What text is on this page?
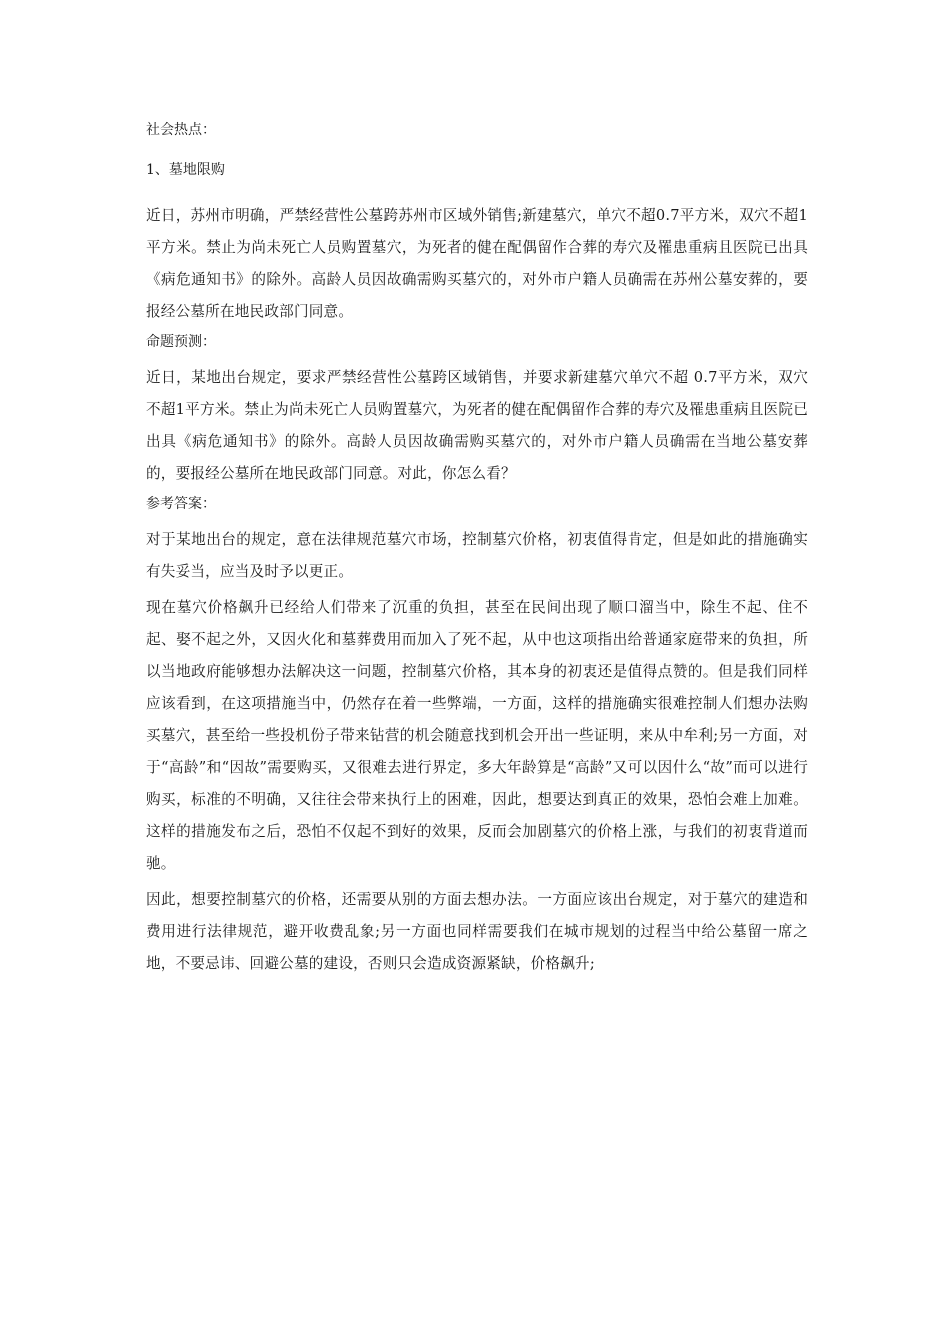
社会热点：
1、墓地限购
近日，苏州市明确，严禁经营性公墓跨苏州市区域外销售;新建墓穴，单穴不超0.7平方米，双穴不超1平方米。禁止为尚未死亡人员购置墓穴，为死者的健在配偶留作合葬的寿穴及罹患重病且医院已出具《病危通知书》的除外。高龄人员因故确需购买墓穴的，对外市户籍人员确需在苏州公墓安葬的，要报经公墓所在地民政部门同意。
命题预测：
近日，某地出台规定，要求严禁经营性公墓跨区域销售，并要求新建墓穴单穴不超 0.7平方米，双穴不超1平方米。禁止为尚未死亡人员购置墓穴，为死者的健在配偶留作合葬的寿穴及罹患重病且医院已出具《病危通知书》的除外。高龄人员因故确需购买墓穴的，对外市户籍人员确需在当地公墓安葬的，要报经公墓所在地民政部门同意。对此，你怎么看？
参考答案：
对于某地出台的规定，意在法律规范墓穴市场，控制墓穴价格，初衷值得肯定，但是如此的措施确实有失妥当，应当及时予以更正。
现在墓穴价格飙升已经给人们带来了沉重的负担，甚至在民间出现了顺口溜当中，除生不起、住不起、娶不起之外，又因火化和墓葬费用而加入了死不起，从中也这项指出给普通家庭带来的负担，所以当地政府能够想办法解决这一问题，控制墓穴价格，其本身的初衷还是值得点赞的。但是我们同样应该看到，在这项措施当中，仍然存在着一些弊端，一方面，这样的措施确实很难控制人们想办法购买墓穴，甚至给一些投机份子带来钻营的机会随意找到机会开出一些证明，来从中牟利;另一方面，对于“高龄”和“因故”需要购买，又很难去进行界定，多大年龄算是“高龄”又可以因什么“故”而可以进行购买，标准的不明确，又往往会带来执行上的困难，因此，想要达到真正的效果，恐怕会难上加难。这样的措施发布之后，恐怕不仅起不到好的效果，反而会加剧墓穴的价格上涨，与我们的初衷背道而驰。
因此，想要控制墓穴的价格，还需要从别的方面去想办法。一方面应该出台规定，对于墓穴的建造和费用进行法律规范，避开收费乱象;另一方面也同样需要我们在城市规划的过程当中给公墓留一席之地，不要忌讳、回避公墓的建设，否则只会造成资源紧缺，价格飙升;
